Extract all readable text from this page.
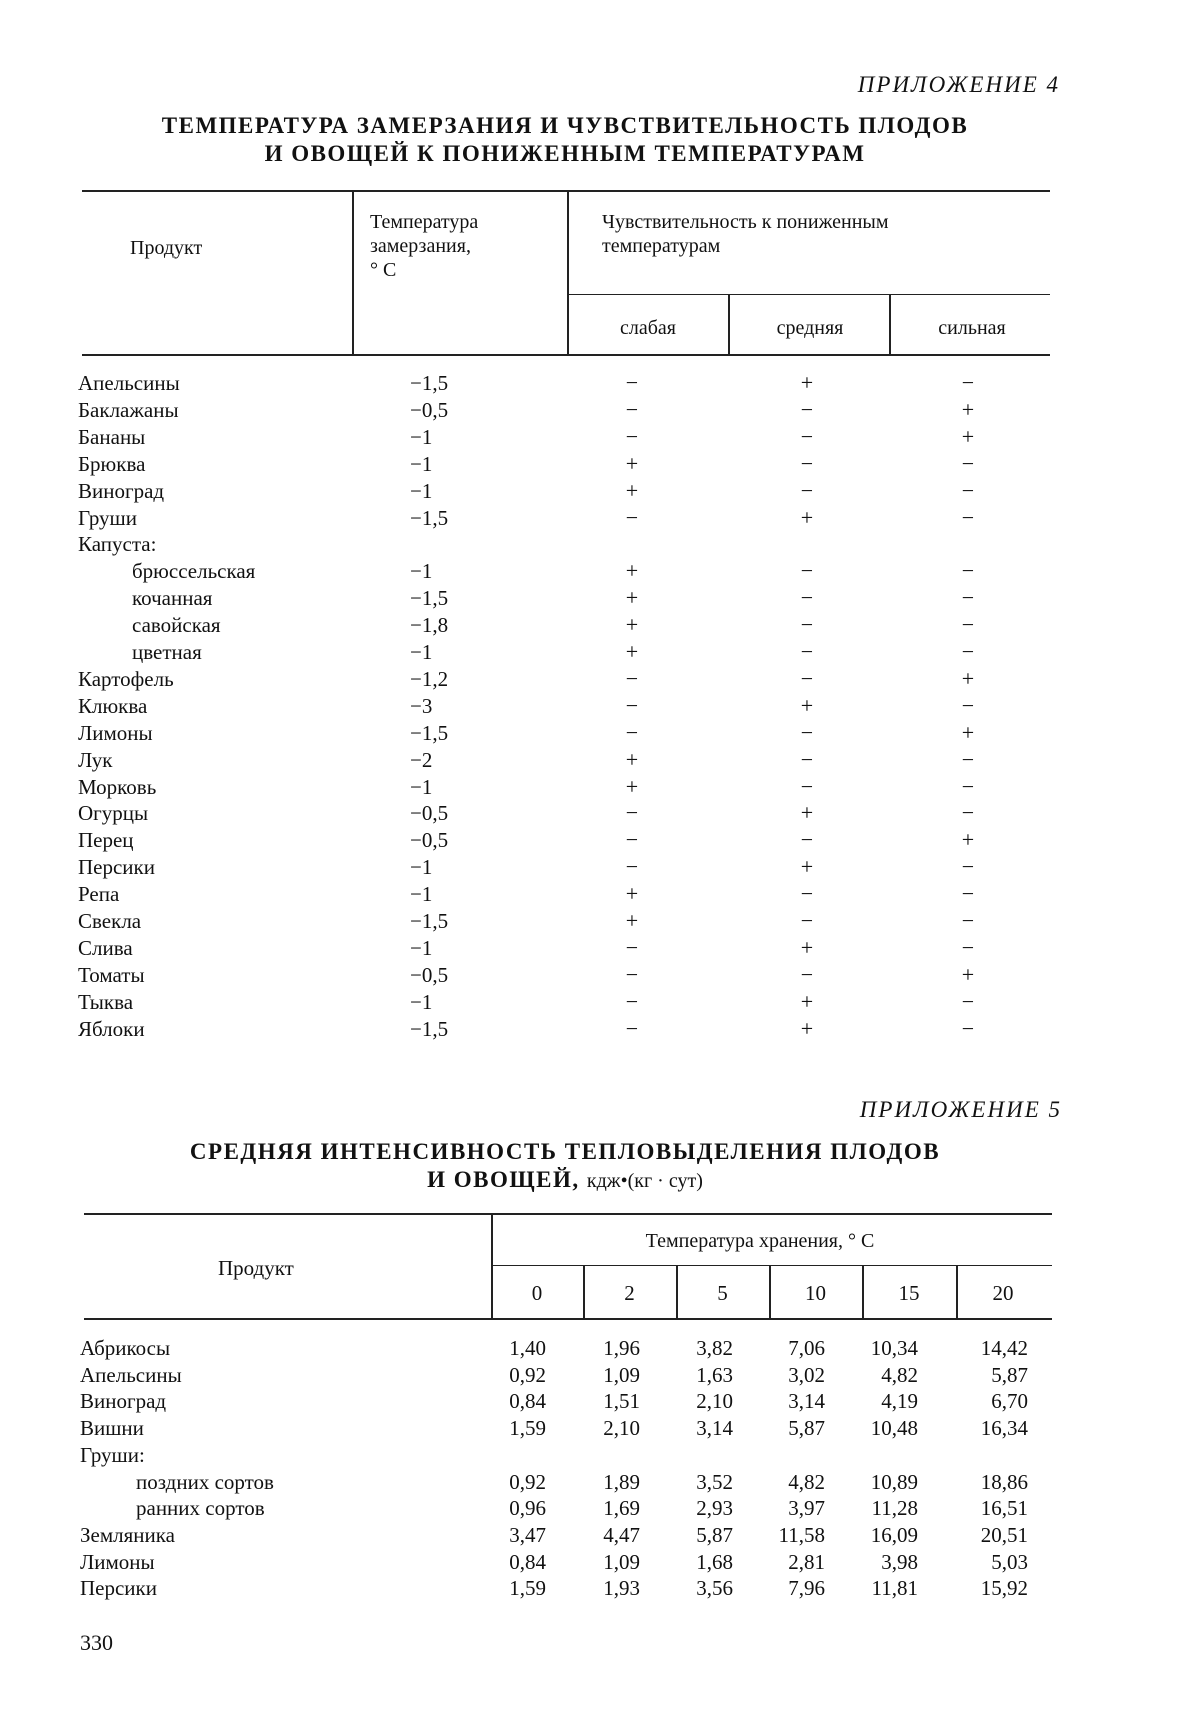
ПРИЛОЖЕНИЕ 4
ТЕМПЕРАТУРА ЗАМЕРЗАНИЯ И ЧУВСТВИТЕЛЬНОСТЬ ПЛОДОВ
И ОВОЩЕЙ К ПОНИЖЕННЫМ ТЕМПЕРАТУРАМ
Продукт
Температура
замерзания,
° С
Чувствительность к пониженным
температурам
слабая	средняя	сильная
Апельсины	−1,5	−	+	−
Баклажаны	−0,5	−	−	+
Бананы	−1	−	−	+
Брюква	−1	+	−	−
Виноград	−1	+	−	−
Груши	−1,5	−	+	−
Капуста:
брюссельская	−1	+	−	−
кочанная	−1,5	+	−	−
савойская	−1,8	+	−	−
цветная	−1	+	−	−
Картофель	−1,2	−	−	+
Клюква	−3	−	+	−
Лимоны	−1,5	−	−	+
Лук	−2	+	−	−
Морковь	−1	+	−	−
Огурцы	−0,5	−	+	−
Перец	−0,5	−	−	+
Персики	−1	−	+	−
Репа	−1	+	−	−
Свекла	−1,5	+	−	−
Слива	−1	−	+	−
Томаты	−0,5	−	−	+
Тыква	−1	−	+	−
Яблоки	−1,5	−	+	−
ПРИЛОЖЕНИЕ 5
СРЕДНЯЯ ИНТЕНСИВНОСТЬ ТЕПЛОВЫДЕЛЕНИЯ ПЛОДОВ
И ОВОЩЕЙ, кдж•(кг · сут)
Продукт
Температура хранения, ° С
0	2	5	10	15	20
Абрикосы	1,40	1,96	3,82	7,06	10,34	14,42
Апельсины	0,92	1,09	1,63	3,02	4,82	5,87
Виноград	0,84	1,51	2,10	3,14	4,19	6,70
Вишни	1,59	2,10	3,14	5,87	10,48	16,34
Груши:
поздних сортов	0,92	1,89	3,52	4,82	10,89	18,86
ранних сортов	0,96	1,69	2,93	3,97	11,28	16,51
Земляника	3,47	4,47	5,87	11,58	16,09	20,51
Лимоны	0,84	1,09	1,68	2,81	3,98	5,03
Персики	1,59	1,93	3,56	7,96	11,81	15,92
330
